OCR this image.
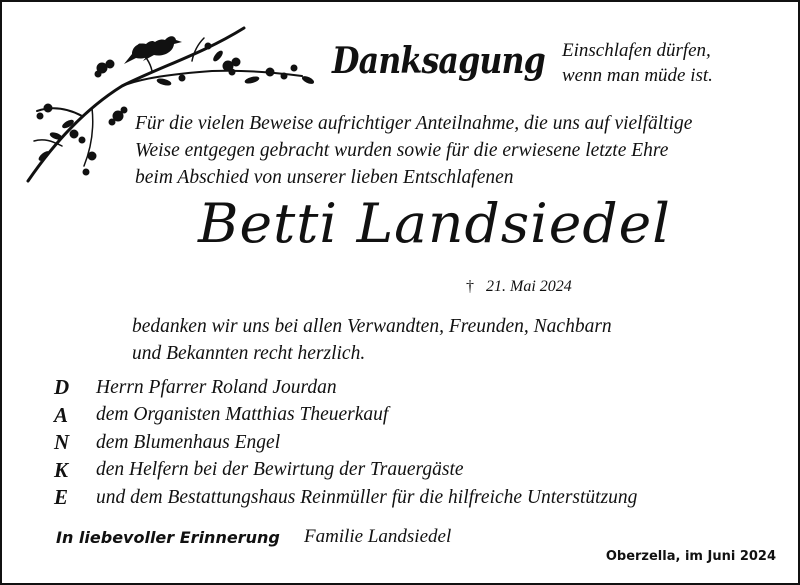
Danksagung Einschlafen dürfen,
wenn man müde ist.
Für die vielen Beweise aufrichtiger Anteilnahme, die uns auf vielfältige
Weise entgegen gebracht wurden sowie für die erwiesene letzte Ehre
beim Abschied von unserer lieben Entschlafenen
Betti Landsiedel
† 21. Mai 2024
bedanken wir uns bei allen Verwandten, Freunden, Nachbarn
und Bekannten recht herzlich.
D	Herrn Pfarrer Roland Jourdan
A	dem Organisten Matthias Theuerkauf
N	dem Blumenhaus Engel
K	den Helfern bei der Bewirtung der Trauergäste
E	und dem Bestattungshaus Reinmüller für die hilfreiche Unterstützung
In liebevoller Erinnerung Familie Landsiedel
Oberzella, im Juni 2024
